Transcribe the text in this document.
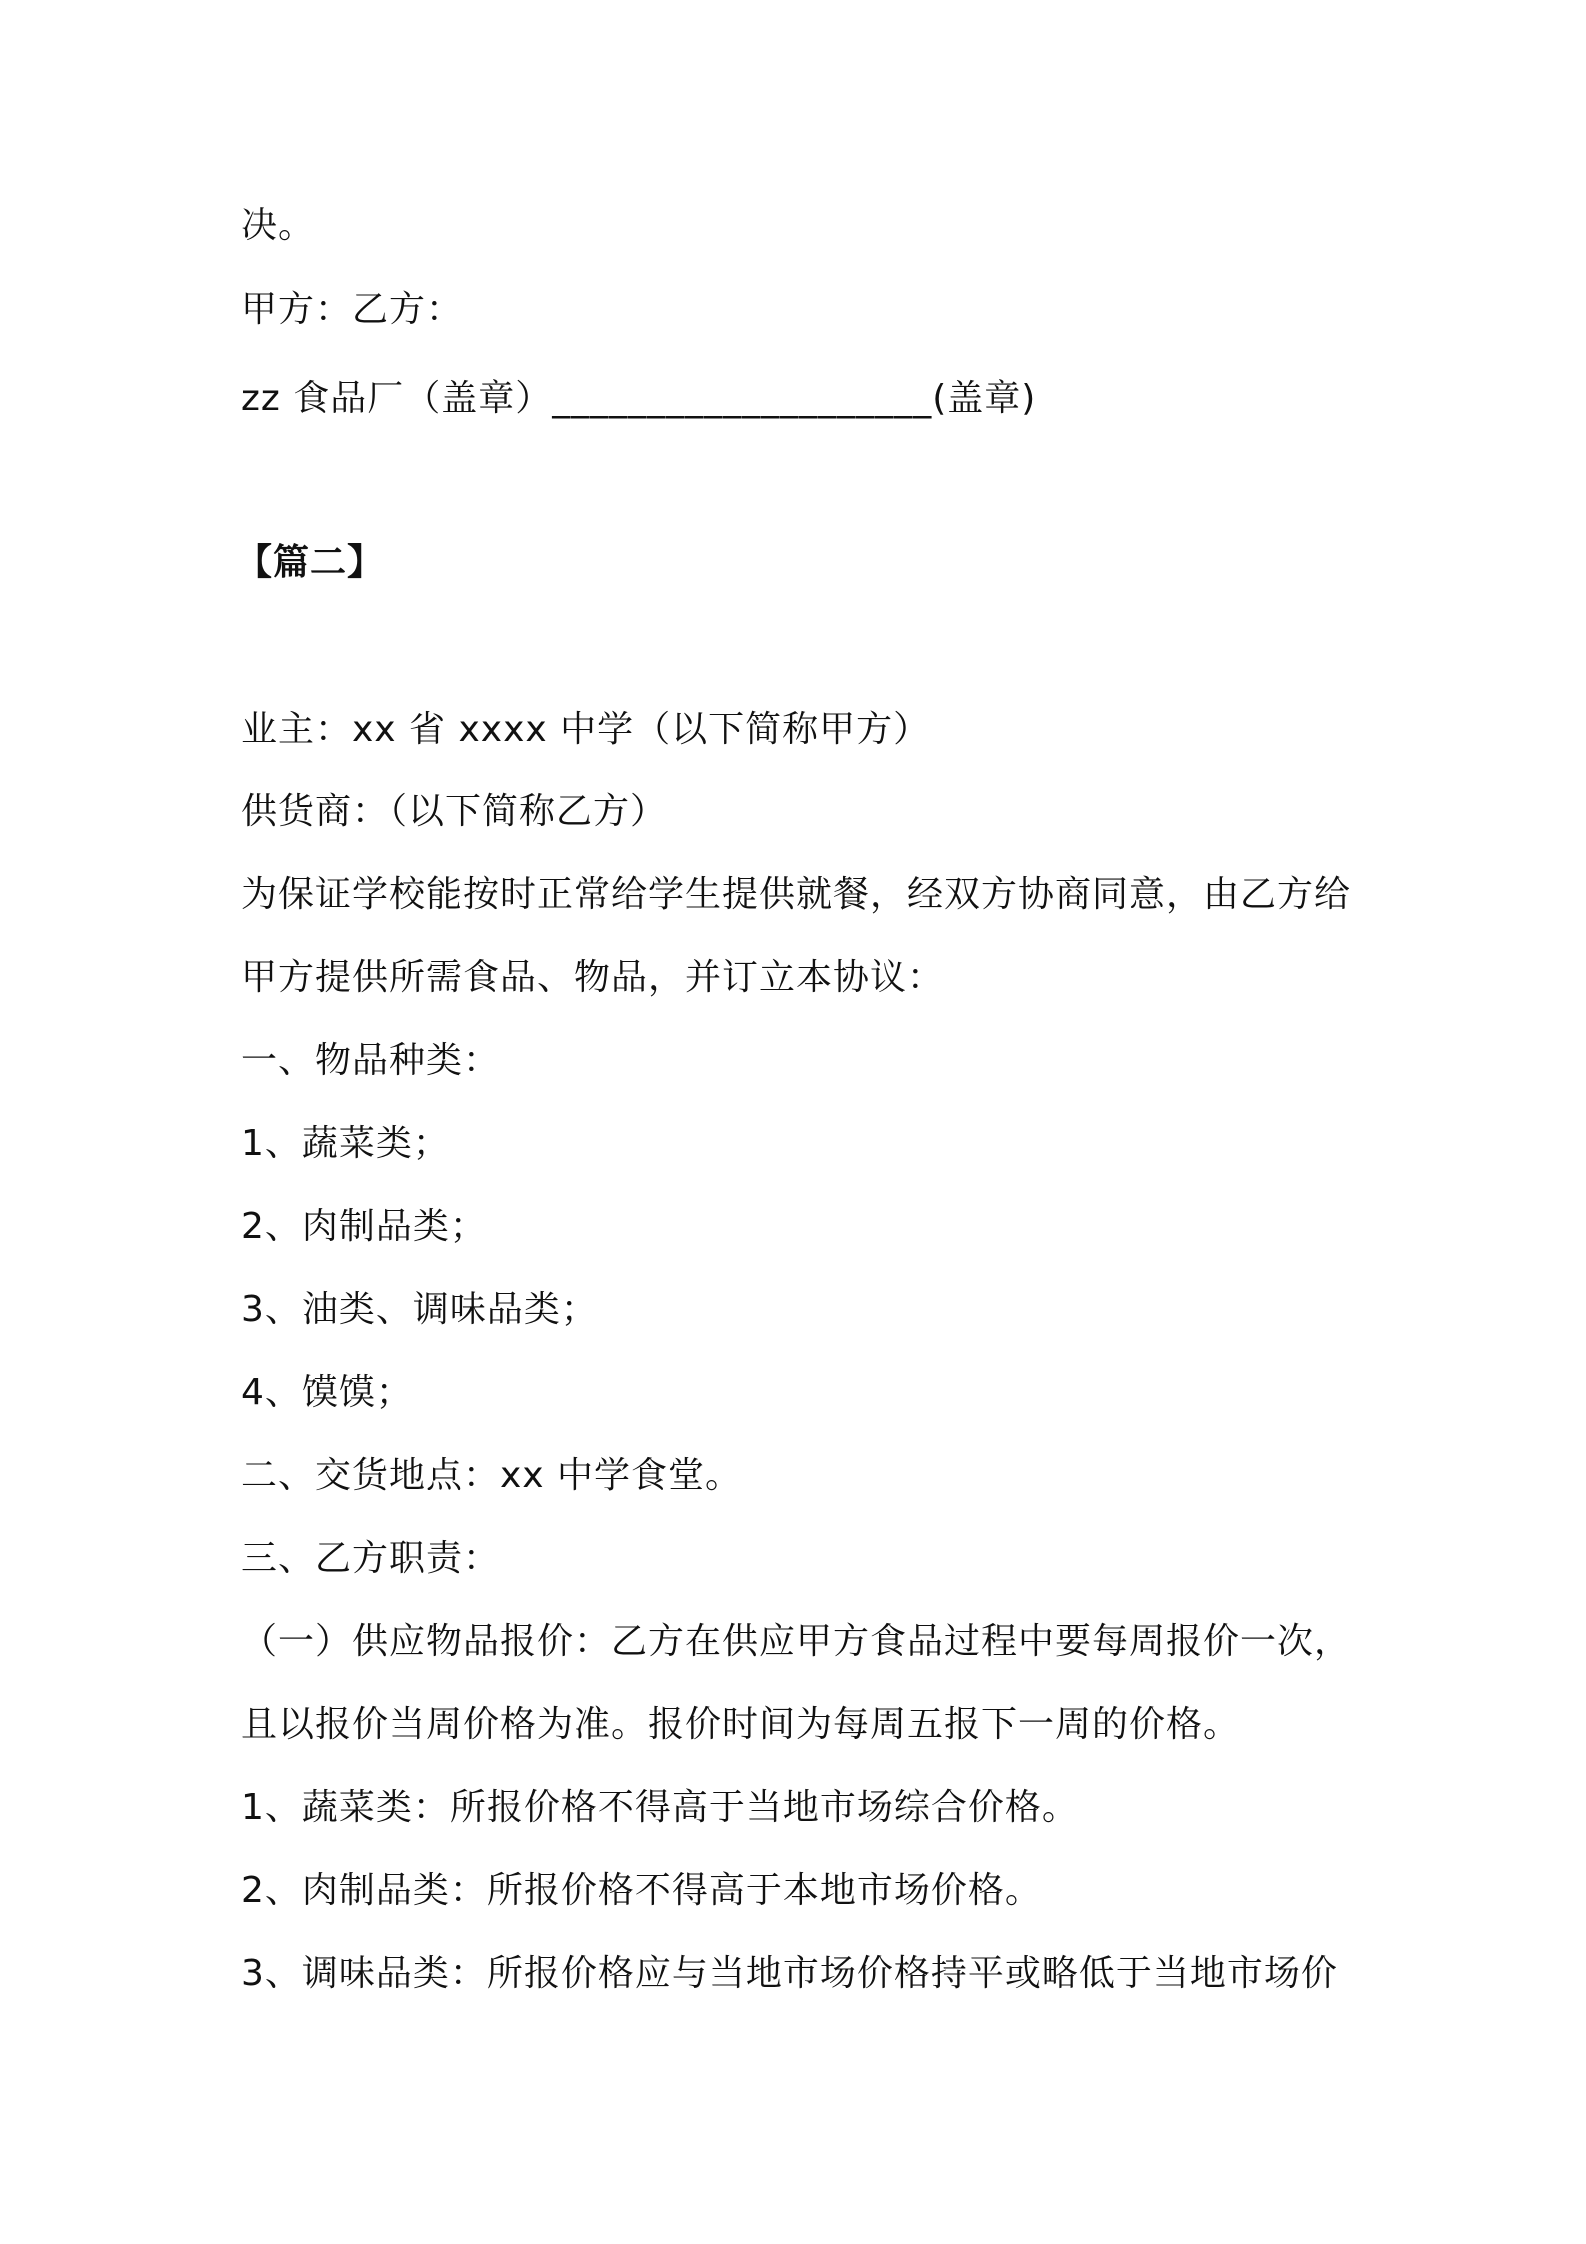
决。
甲方：乙方：
zz 食品厂（盖章）____________________(盖章)
【篇二】
业主：xx 省 xxxx 中学（以下简称甲方）
供货商：（以下简称乙方）
为保证学校能按时正常给学生提供就餐，经双方协商同意，由乙方给
甲方提供所需食品、物品，并订立本协议：
一、物品种类：
1、蔬菜类；
2、肉制品类；
3、油类、调味品类；
4、馍馍；
二、交货地点：xx 中学食堂。
三、乙方职责：
（一）供应物品报价：乙方在供应甲方食品过程中要每周报价一次，
且以报价当周价格为准。报价时间为每周五报下一周的价格。
1、蔬菜类：所报价格不得高于当地市场综合价格。
2、肉制品类：所报价格不得高于本地市场价格。
3、调味品类：所报价格应与当地市场价格持平或略低于当地市场价
